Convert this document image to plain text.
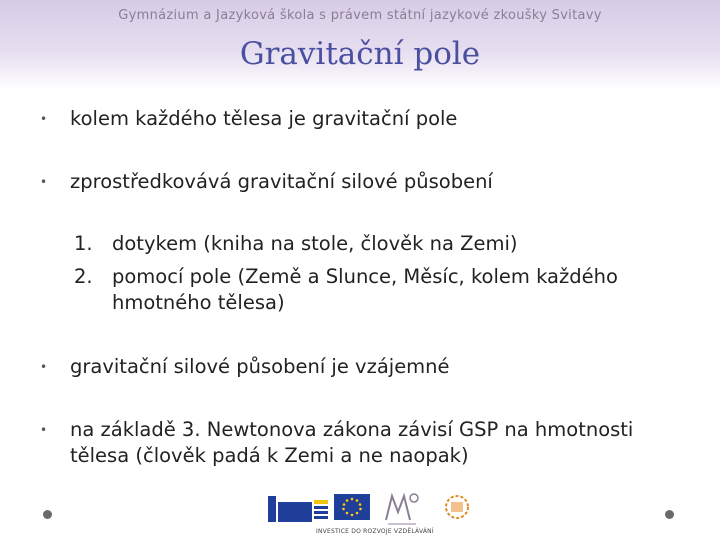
Gymnázium a Jazyková škola s právem státní jazykové zkoušky Svitavy
Gravitační pole
• kolem každého tělesa je gravitační pole
• zprostředkovává gravitační silové působení
1. dotykem (kniha na stole, člověk na Zemi)
2. pomocí pole (Země a Slunce, Měsíc, kolem každého hmotného tělesa)
• gravitační silové působení je vzájemné
• na základě 3. Newtonova zákona závisí GSP na hmotnosti tělesa (člověk padá k Zemi a ne naopak)
INVESTICE DO ROZVOJE VZDĚLÁVÁNÍ
